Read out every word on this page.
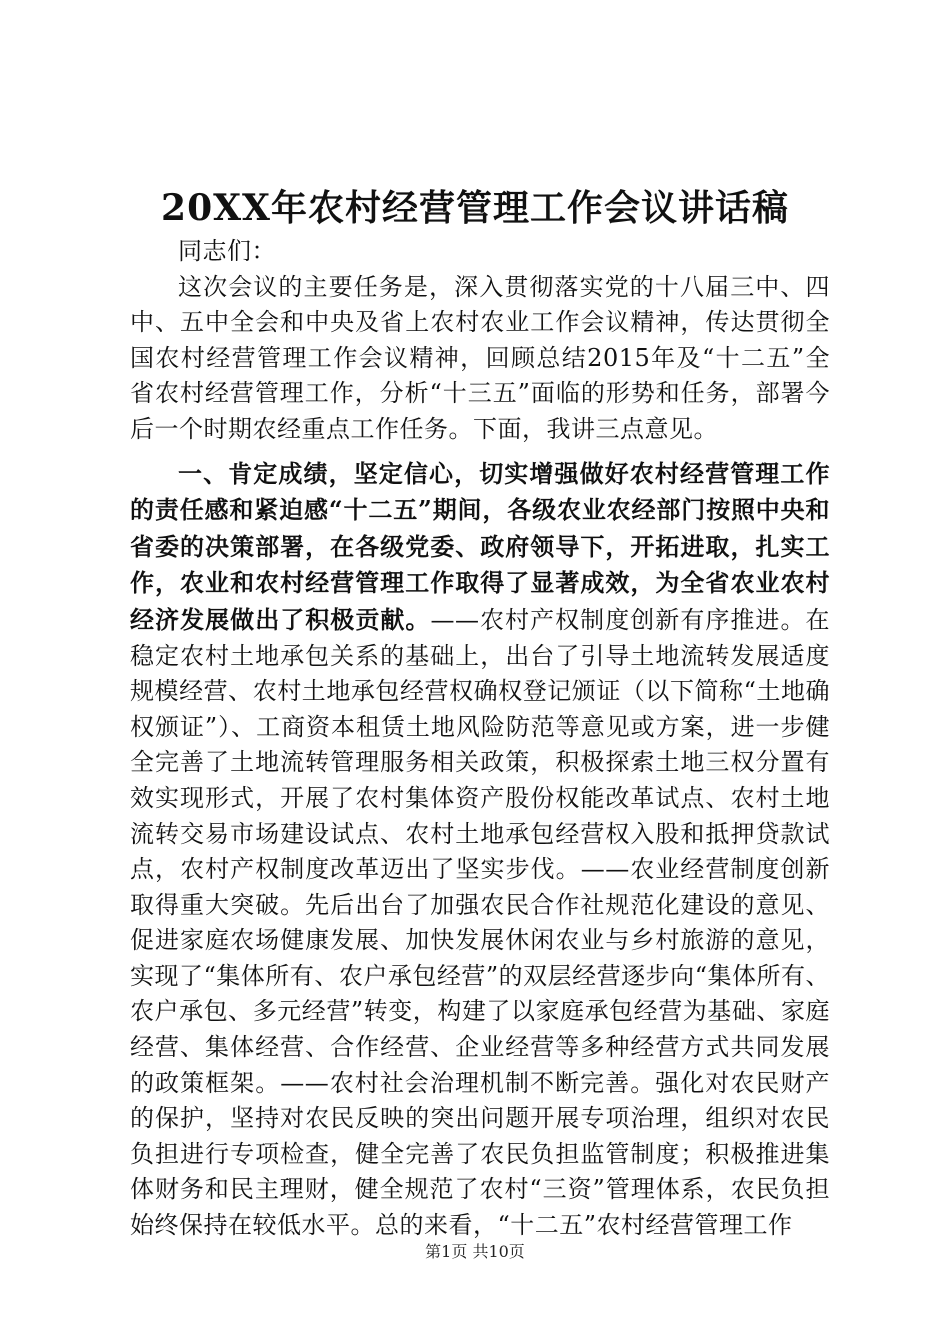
20XX年农村经营管理工作会议讲话稿

同志们：

这次会议的主要任务是，深入贯彻落实党的十八届三中、四中、五中全会和中央及省上农村农业工作会议精神，传达贯彻全国农村经营管理工作会议精神，回顾总结2015年及“十二五”全省农村经营管理工作，分析“十三五”面临的形势和任务，部署今后一个时期农经重点工作任务。下面，我讲三点意见。

一、肯定成绩，坚定信心，切实增强做好农村经营管理工作的责任感和紧迫感“十二五”期间，各级农业农经部门按照中央和省委的决策部署，在各级党委、政府领导下，开拓进取，扎实工作，农业和农村经营管理工作取得了显著成效，为全省农业农村经济发展做出了积极贡献。——农村产权制度创新有序推进。在稳定农村土地承包关系的基础上，出台了引导土地流转发展适度规模经营、农村土地承包经营权确权登记颁证（以下简称“土地确权颁证”）、工商资本租赁土地风险防范等意见或方案，进一步健全完善了土地流转管理服务相关政策，积极探索土地三权分置有效实现形式，开展了农村集体资产股份权能改革试点、农村土地流转交易市场建设试点、农村土地承包经营权入股和抵押贷款试点，农村产权制度改革迈出了坚实步伐。——农业经营制度创新取得重大突破。先后出台了加强农民合作社规范化建设的意见、促进家庭农场健康发展、加快发展休闲农业与乡村旅游的意见，实现了“集体所有、农户承包经营”的双层经营逐步向“集体所有、农户承包、多元经营”转变，构建了以家庭承包经营为基础、家庭经营、集体经营、合作经营、企业经营等多种经营方式共同发展的政策框架。——农村社会治理机制不断完善。强化对农民财产的保护，坚持对农民反映的突出问题开展专项治理，组织对农民负担进行专项检查，健全完善了农民负担监管制度；积极推进集体财务和民主理财，健全规范了农村“三资”管理体系，农民负担始终保持在较低水平。总的来看，“十二五”农村经营管理工作

第1页 共10页
